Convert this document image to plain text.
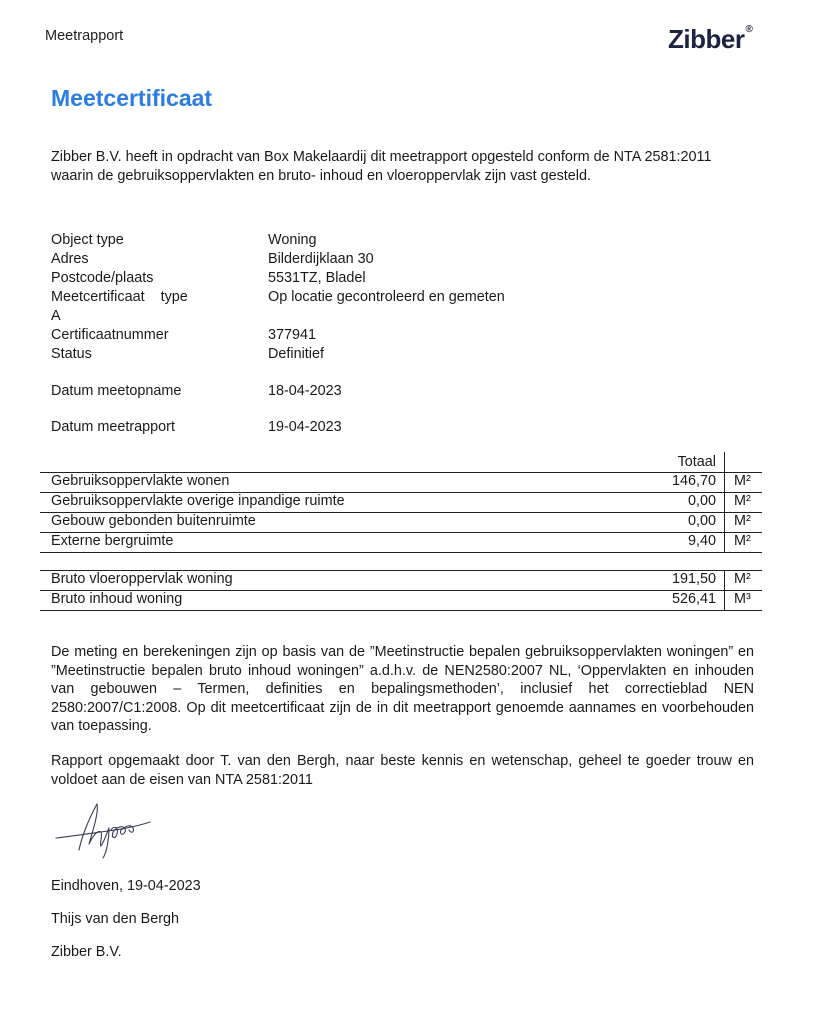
Meetrapport	Zibber®
Meetcertificaat
Zibber B.V. heeft in opdracht van Box Makelaardij dit meetrapport opgesteld conform de NTA 2581:2011 waarin de gebruiksoppervlakten en bruto- inhoud en vloeroppervlak zijn vast gesteld.
Object type	Woning
Adres	Bilderdijklaan 30
Postcode/plaats	5531TZ, Bladel
Meetcertificaat    type	Op locatie gecontroleerd en gemeten
A
Certificaatnummer	377941
Status	Definitief
Datum meetopname	18-04-2023
Datum meetrapport	19-04-2023
Totaal
Gebruiksoppervlakte wonen	146,70 M²
Gebruiksoppervlakte overige inpandige ruimte	0,00 M²
Gebouw gebonden buitenruimte	0,00 M²
Externe bergruimte	9,40 M²
Bruto vloeroppervlak woning	191,50 M²
Bruto inhoud woning	526,41 M³
De meting en berekeningen zijn op basis van de ”Meetinstructie bepalen gebruiksoppervlakten woningen” en ”Meetinstructie bepalen bruto inhoud woningen” a.d.h.v. de NEN2580:2007 NL, ‘Oppervlakten en inhouden van gebouwen – Termen, definities en bepalingsmethoden’, inclusief het correctieblad NEN 2580:2007/C1:2008. Op dit meetcertificaat zijn de in dit meetrapport genoemde aannames en voorbehouden van toepassing.
Rapport opgemaakt door T. van den Bergh, naar beste kennis en wetenschap, geheel te goeder trouw en voldoet aan de eisen van NTA 2581:2011
Eindhoven, 19-04-2023
Thijs van den Bergh
Zibber B.V.
